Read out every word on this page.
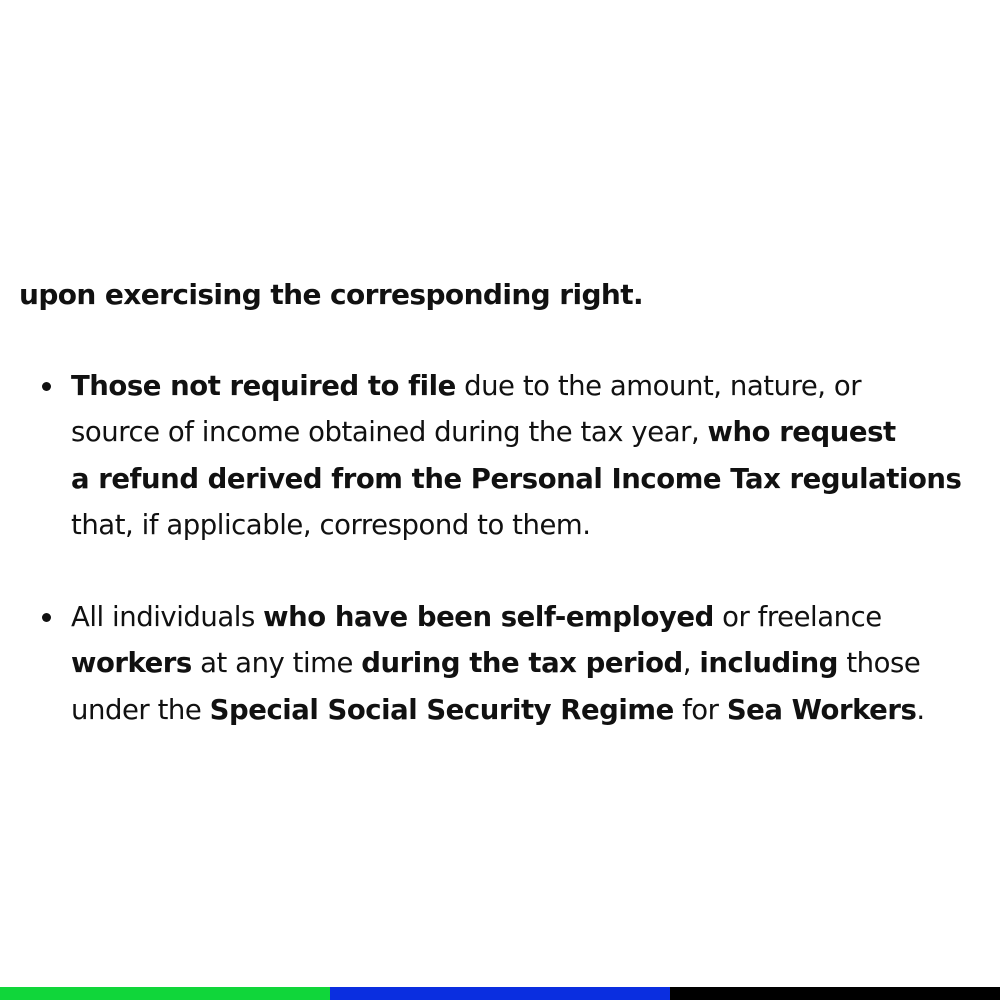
upon exercising the corresponding right.

Those not required to file due to the amount, nature, or
source of income obtained during the tax year, who request
a refund derived from the Personal Income Tax regulations
that, if applicable, correspond to them.
All individuals who have been self-employed or freelance
workers at any time during the tax period, including those
under the Special Social Security Regime for Sea Workers.
